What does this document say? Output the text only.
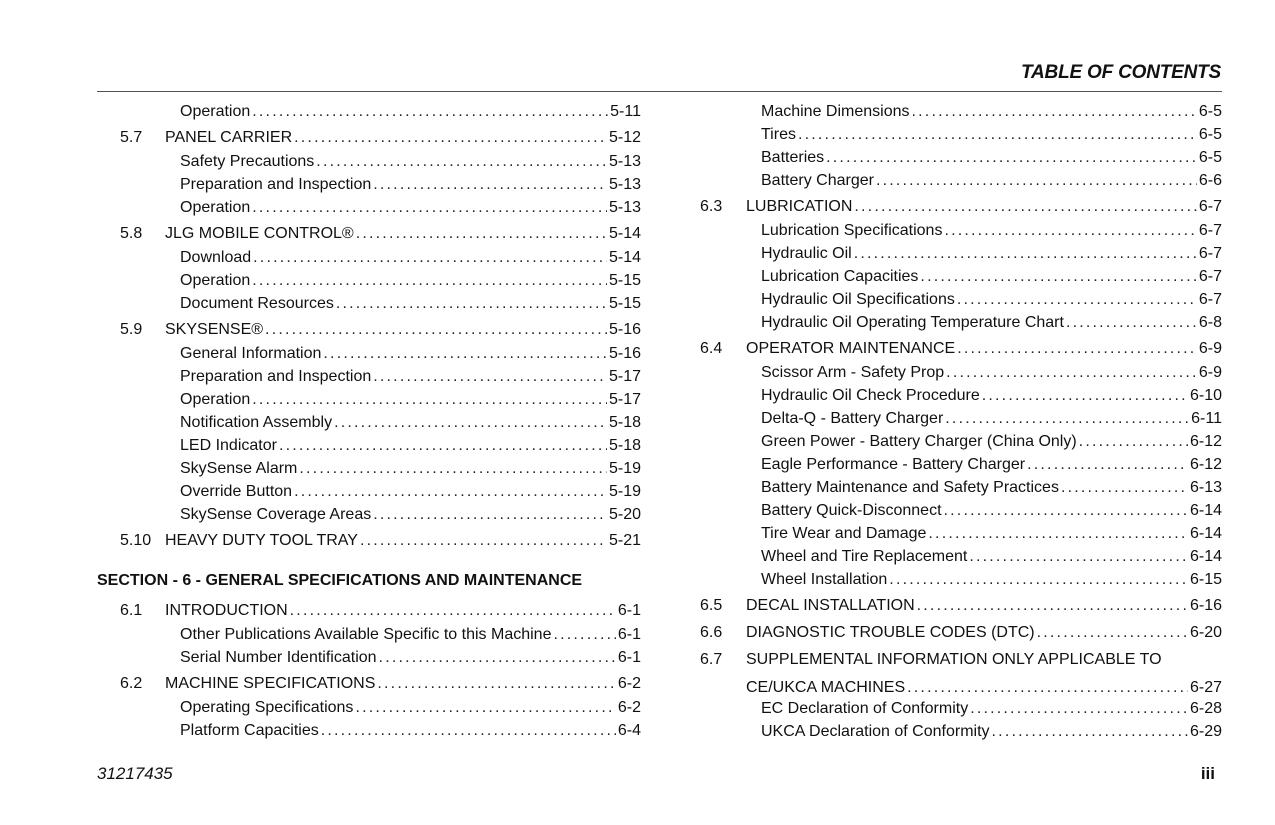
TABLE OF CONTENTS
Operation .....	5-11
5.7 PANEL CARRIER .....	5-12
Safety Precautions .....	5-13
Preparation and Inspection .....	5-13
Operation .....	5-13
5.8 JLG MOBILE CONTROL® .....	5-14
Download .....	5-14
Operation .....	5-15
Document Resources .....	5-15
5.9 SKYSENSE® .....	5-16
General Information .....	5-16
Preparation and Inspection .....	5-17
Operation .....	5-17
Notification Assembly .....	5-18
LED Indicator .....	5-18
SkySense Alarm .....	5-19
Override Button .....	5-19
SkySense Coverage Areas .....	5-20
5.10 HEAVY DUTY TOOL TRAY .....	5-21
SECTION - 6 - GENERAL SPECIFICATIONS AND MAINTENANCE
6.1 INTRODUCTION .....	6-1
Other Publications Available Specific to this Machine .....	6-1
Serial Number Identification .....	6-1
6.2 MACHINE SPECIFICATIONS .....	6-2
Operating Specifications .....	6-2
Platform Capacities .....	6-4
Machine Dimensions .....	6-5
Tires .....	6-5
Batteries .....	6-5
Battery Charger .....	6-6
6.3 LUBRICATION .....	6-7
Lubrication Specifications .....	6-7
Hydraulic Oil .....	6-7
Lubrication Capacities .....	6-7
Hydraulic Oil Specifications .....	6-7
Hydraulic Oil Operating Temperature Chart .....	6-8
6.4 OPERATOR MAINTENANCE .....	6-9
Scissor Arm - Safety Prop .....	6-9
Hydraulic Oil Check Procedure .....	6-10
Delta-Q - Battery Charger .....	6-11
Green Power - Battery Charger (China Only) .....	6-12
Eagle Performance - Battery Charger .....	6-12
Battery Maintenance and Safety Practices .....	6-13
Battery Quick-Disconnect .....	6-14
Tire Wear and Damage .....	6-14
Wheel and Tire Replacement .....	6-14
Wheel Installation .....	6-15
6.5 DECAL INSTALLATION .....	6-16
6.6 DIAGNOSTIC TROUBLE CODES (DTC) .....	6-20
6.7 SUPPLEMENTAL INFORMATION ONLY APPLICABLE TO
CE/UKCA MACHINES .....	6-27
EC Declaration of Conformity .....	6-28
UKCA Declaration of Conformity .....	6-29
31217435	iii
